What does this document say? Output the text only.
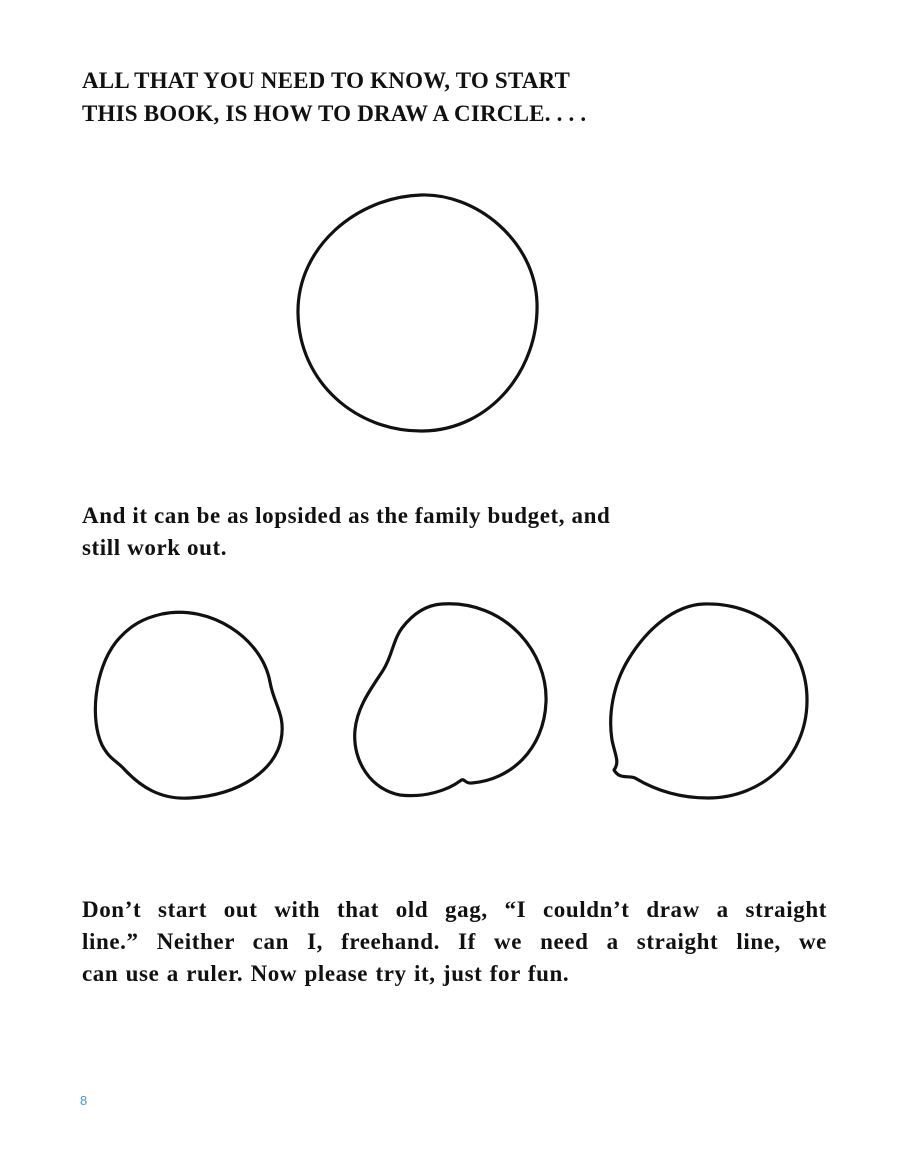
ALL THAT YOU NEED TO KNOW, TO START
THIS BOOK, IS HOW TO DRAW A CIRCLE. . . .
And it can be as lopsided as the family budget, and
still work out.
Don’t start out with that old gag, “I couldn’t draw a straight
line.” Neither can I, freehand. If we need a straight line, we
can use a ruler. Now please try it, just for fun.
8
